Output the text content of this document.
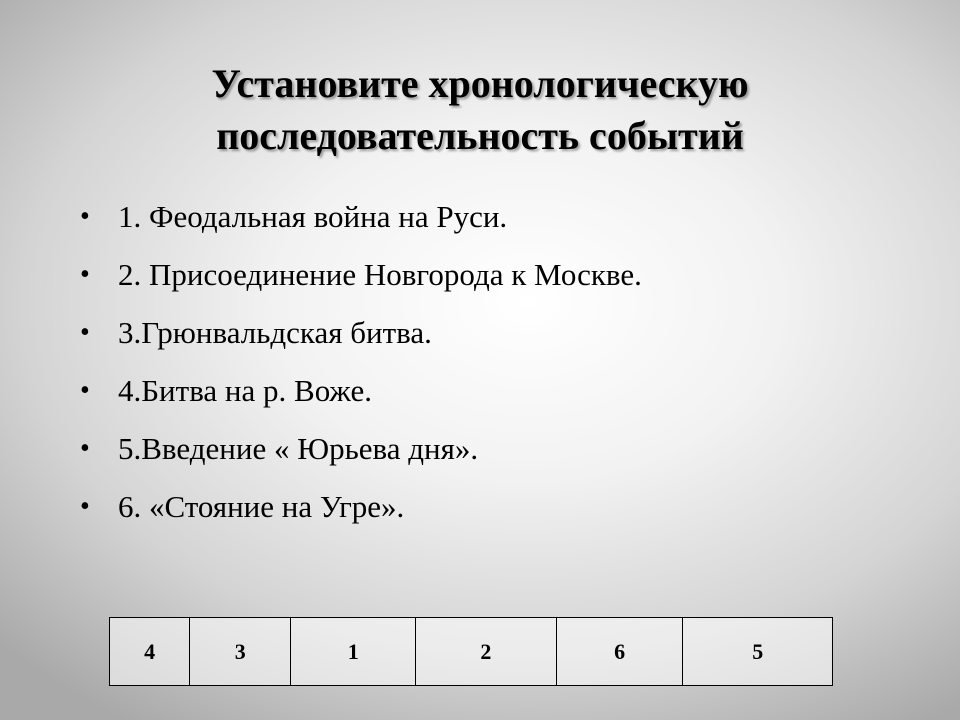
Установите хронологическую
последовательность событий
• 1. Феодальная война на Руси.
• 2. Присоединение Новгорода к Москве.
• 3.Грюнвальдская битва.
• 4.Битва на р. Воже.
• 5.Введение « Юрьева дня».
• 6. «Стояние на Угре».
4	3	1	2	6	5
